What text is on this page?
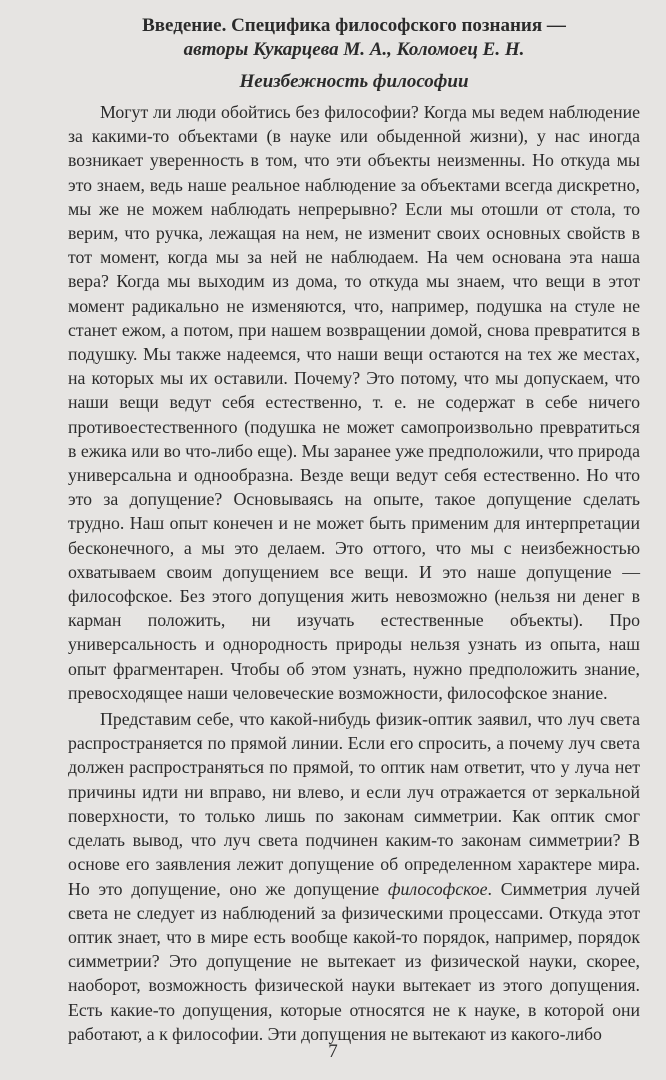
Введение. Специфика философского познания —
авторы Кукарцева М. А., Коломоец Е. Н.
Неизбежность философии

Могут ли люди обойтись без философии? Когда мы ведем наблюдение за какими-то объектами (в науке или обыденной жизни), у нас иногда возникает уверенность в том, что эти объекты неизменны. Но откуда мы это знаем, ведь наше реальное наблюдение за объектами всегда дискретно, мы же не можем наблюдать непрерывно? Если мы отошли от стола, то верим, что ручка, лежащая на нем, не изменит своих основных свойств в тот момент, когда мы за ней не наблюдаем. На чем основана эта наша вера? Когда мы выходим из дома, то откуда мы знаем, что вещи в этот момент радикально не изменяются, что, например, подушка на стуле не станет ежом, а потом, при нашем возвращении домой, снова превратится в подушку. Мы также надеемся, что наши вещи остаются на тех же местах, на которых мы их оставили. Почему? Это потому, что мы допускаем, что наши вещи ведут себя естественно, т. е. не содержат в себе ничего противоестественного (подушка не может самопроизвольно превратиться в ежика или во что-либо еще). Мы заранее уже предположили, что природа универсальна и однообразна. Везде вещи ведут себя естественно. Но что это за допущение? Основываясь на опыте, такое допущение сделать трудно. Наш опыт конечен и не может быть применим для интерпретации бесконечного, а мы это делаем. Это оттого, что мы с неизбежностью охватываем своим допущением все вещи. И это наше допущение — философское. Без этого допущения жить невозможно (нельзя ни денег в карман положить, ни изучать естественные объекты). Про универсальность и однородность природы нельзя узнать из опыта, наш опыт фрагментарен. Чтобы об этом узнать, нужно предположить знание, превосходящее наши человеческие возможности, философское знание.

Представим себе, что какой-нибудь физик-оптик заявил, что луч света распространяется по прямой линии. Если его спросить, а почему луч света должен распространяться по прямой, то оптик нам ответит, что у луча нет причины идти ни вправо, ни влево, и если луч отражается от зеркальной поверхности, то только лишь по законам симметрии. Как оптик смог сделать вывод, что луч света подчинен каким-то законам симметрии? В основе его заявления лежит допущение об определенном характере мира. Но это допущение, оно же допущение философское. Симметрия лучей света не следует из наблюдений за физическими процессами. Откуда этот оптик знает, что в мире есть вообще какой-то порядок, например, порядок симметрии? Это допущение не вытекает из физической науки, скорее, наоборот, возможность физической науки вытекает из этого допущения. Есть какие-то допущения, которые относятся не к науке, в которой они работают, а к философии. Эти допущения не вытекают из какого-либо

7
